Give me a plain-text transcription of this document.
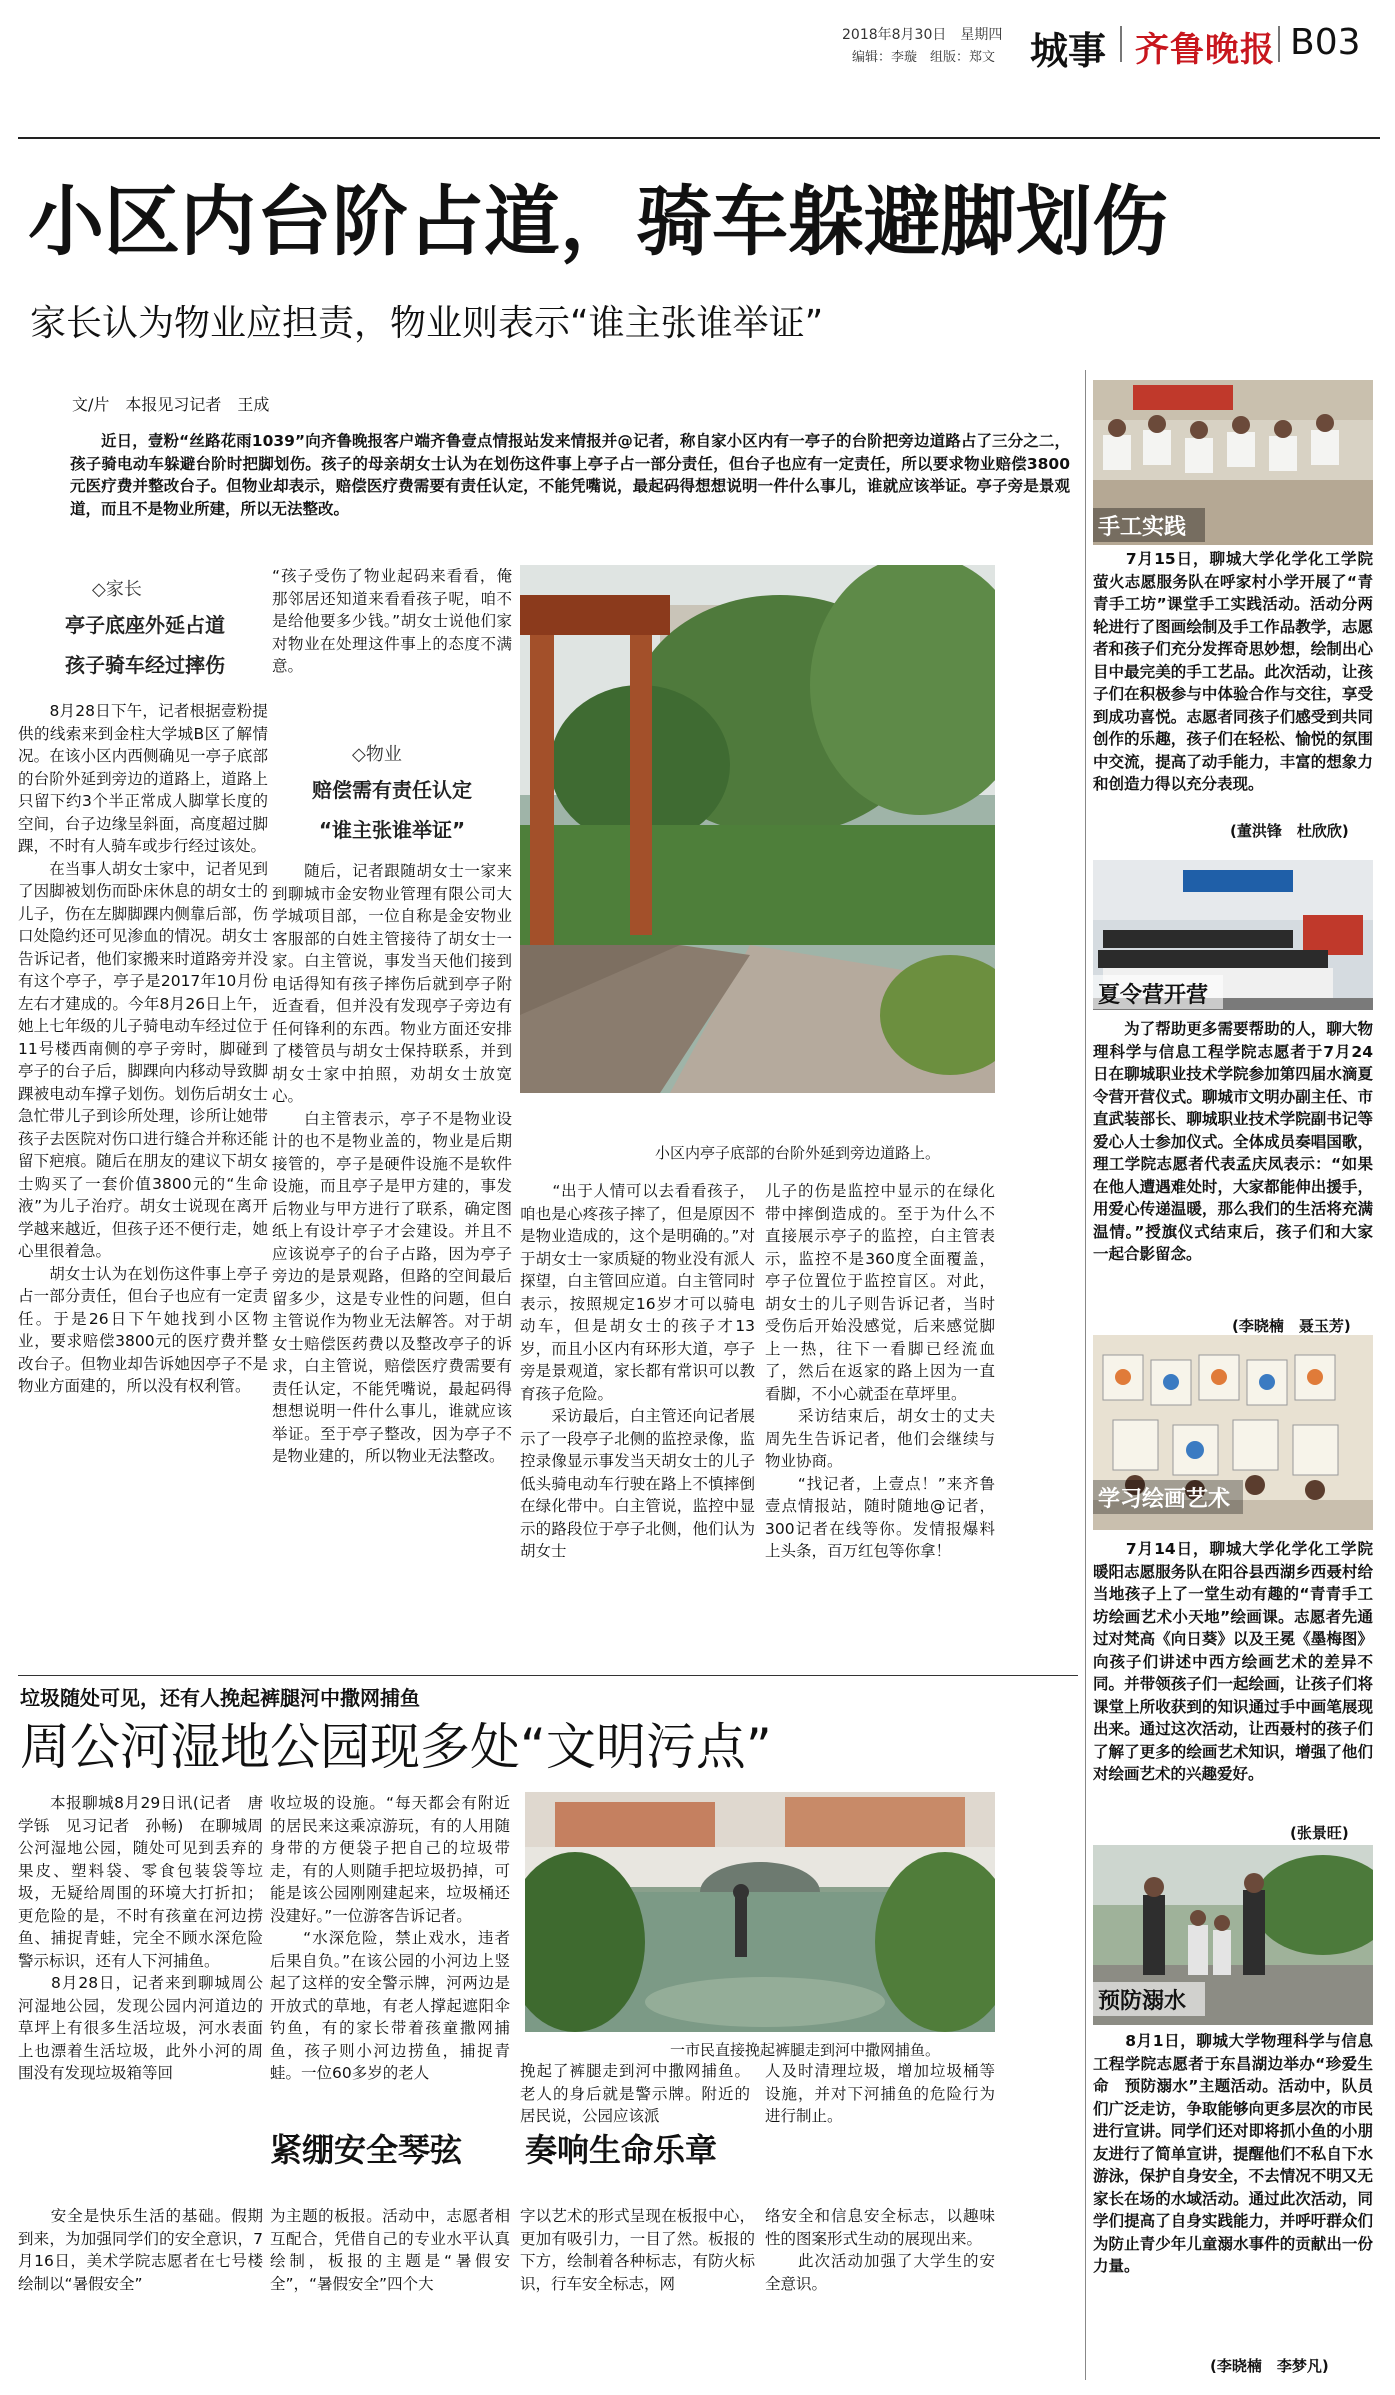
2018年8月30日　星期四
编辑：李璇　组版：郑文 城事 齐鲁晚报 B03
小区内台阶占道，骑车躲避脚划伤
家长认为物业应担责，物业则表示“谁主张谁举证”
文/片　本报见习记者　王成
近日，壹粉“丝路花雨1039”向齐鲁晚报客户端齐鲁壹点情报站发来情报并@记者，称自家小区内有一亭子的台阶把旁边道路占了三分之二，孩子骑电动车躲避台阶时把脚划伤。孩子的母亲胡女士认为在划伤这件事上亭子占一部分责任，但台子也应有一定责任，所以要求物业赔偿3800元医疗费并整改台子。但物业却表示，赔偿医疗费需要有责任认定，不能凭嘴说，最起码得想想说明一件什么事儿，谁就应该举证。亭子旁是景观道，而且不是物业所建，所以无法整改。
◇家长
亭子底座外延占道
孩子骑车经过摔伤
　　8月28日下午，记者根据壹粉提供的线索来到金柱大学城B区了解情况。在该小区内西侧确见一亭子底部的台阶外延到旁边的道路上，道路上只留下约3个半正常成人脚掌长度的空间，台子边缘呈斜面，高度超过脚踝，不时有人骑车或步行经过该处。
　　在当事人胡女士家中，记者见到了因脚被划伤而卧床休息的胡女士的儿子，伤在左脚脚踝内侧靠后部，伤口处隐约还可见渗血的情况。胡女士告诉记者，他们家搬来时道路旁并没有这个亭子，亭子是2017年10月份左右才建成的。今年8月26日上午，她上七年级的儿子骑电动车经过位于11号楼西南侧的亭子旁时，脚碰到亭子的台子后，脚踝向内移动导致脚踝被电动车撑子划伤。划伤后胡女士急忙带儿子到诊所处理，诊所让她带孩子去医院对伤口进行缝合并称还能留下疤痕。随后在朋友的建议下胡女士购买了一套价值3800元的“生命液”为儿子治疗。胡女士说现在离开学越来越近，但孩子还不便行走，她心里很着急。
　　胡女士认为在划伤这件事上亭子占一部分责任，但台子也应有一定责任。于是26日下午她找到小区物业，要求赔偿3800元的医疗费并整改台子。但物业却告诉她因亭子不是物业方面建的，所以没有权利管。
“孩子受伤了物业起码来看看，俺那邻居还知道来看看孩子呢，咱不是给他要多少钱。”胡女士说他们家对物业在处理这件事上的态度不满意。
◇物业
赔偿需有责任认定
“谁主张谁举证”
　　随后，记者跟随胡女士一家来到聊城市金安物业管理有限公司大学城项目部，一位自称是金安物业客服部的白姓主管接待了胡女士一家。白主管说，事发当天他们接到电话得知有孩子摔伤后就到亭子附近查看，但并没有发现亭子旁边有任何锋利的东西。物业方面还安排了楼管员与胡女士保持联系，并到胡女士家中拍照，劝胡女士放宽心。
　　白主管表示，亭子不是物业设计的也不是物业盖的，物业是后期接管的，亭子是硬件设施不是软件设施，而且亭子是甲方建的，事发后物业与甲方进行了联系，确定图纸上有设计亭子才会建设。并且不应该说亭子的台子占路，因为亭子旁边的是景观路，但路的空间最后留多少，这是专业性的问题，但白主管说作为物业无法解答。对于胡女士赔偿医药费以及整改亭子的诉求，白主管说，赔偿医疗费需要有责任认定，不能凭嘴说，最起码得想想说明一件什么事儿，谁就应该举证。至于亭子整改，因为亭子不是物业建的，所以物业无法整改。
小区内亭子底部的台阶外延到旁边道路上。
　　“出于人情可以去看看孩子，咱也是心疼孩子摔了，但是原因不是物业造成的，这个是明确的。”对于胡女士一家质疑的物业没有派人探望，白主管回应道。白主管同时表示，按照规定16岁才可以骑电动车，但是胡女士的孩子才13岁，而且小区内有环形大道，亭子旁是景观道，家长都有常识可以教育孩子危险。
　　采访最后，白主管还向记者展示了一段亭子北侧的监控录像，监控录像显示事发当天胡女士的儿子低头骑电动车行驶在路上不慎摔倒在绿化带中。白主管说，监控中显示的路段位于亭子北侧，他们认为胡女士
儿子的伤是监控中显示的在绿化带中摔倒造成的。至于为什么不直接展示亭子的监控，白主管表示，监控不是360度全面覆盖，亭子位置位于监控盲区。对此，胡女士的儿子则告诉记者，当时受伤后开始没感觉，后来感觉脚上一热，往下一看脚已经流血了，然后在返家的路上因为一直看脚，不小心就歪在草坪里。
　　采访结束后，胡女士的丈夫周先生告诉记者，他们会继续与物业协商。
　　“找记者，上壹点！”来齐鲁壹点情报站，随时随地@记者，300记者在线等你。发情报爆料上头条，百万红包等你拿！
垃圾随处可见，还有人挽起裤腿河中撒网捕鱼
周公河湿地公园现多处“文明污点”
　　本报聊城8月29日讯(记者　唐学铄　见习记者　孙畅)　在聊城周公河湿地公园，随处可见到丢弃的果皮、塑料袋、零食包装袋等垃圾，无疑给周围的环境大打折扣；更危险的是，不时有孩童在河边捞鱼、捕捉青蛙，完全不顾水深危险警示标识，还有人下河捕鱼。
　　8月28日，记者来到聊城周公河湿地公园，发现公园内河道边的草坪上有很多生活垃圾，河水表面上也漂着生活垃圾，此外小河的周围没有发现垃圾箱等回
收垃圾的设施。“每天都会有附近的居民来这乘凉游玩，有的人用随身带的方便袋子把自己的垃圾带走，有的人则随手把垃圾扔掉，可能是该公园刚刚建起来，垃圾桶还没建好。”一位游客告诉记者。
　　“水深危险，禁止戏水，违者后果自负。”在该公园的小河边上竖起了这样的安全警示牌，河两边是开放式的草地，有老人撑起遮阳伞钓鱼，有的家长带着孩童撒网捕鱼，孩子则小河边捞鱼，捕捉青蛙。一位60多岁的老人
一市民直接挽起裤腿走到河中撒网捕鱼。
挽起了裤腿走到河中撒网捕鱼。老人的身后就是警示牌。附近的居民说，公园应该派
人及时清理垃圾，增加垃圾桶等设施，并对下河捕鱼的危险行为进行制止。
紧绷安全琴弦 奏响生命乐章
　　安全是快乐生活的基础。假期到来，为加强同学们的安全意识，7月16日，美术学院志愿者在七号楼绘制以“暑假安全”
为主题的板报。活动中，志愿者相互配合，凭借自己的专业水平认真绘制，板报的主题是“暑假安全”，“暑假安全”四个大
字以艺术的形式呈现在板报中心，更加有吸引力，一目了然。板报的下方，绘制着各种标志，有防火标识，行车安全标志，网
络安全和信息安全标志，以趣味性的图案形式生动的展现出来。
　　此次活动加强了大学生的安全意识。
手工实践
　　7月15日，聊城大学化学化工学院萤火志愿服务队在呼家村小学开展了“青青手工坊”课堂手工实践活动。活动分两轮进行了图画绘制及手工作品教学，志愿者和孩子们充分发挥奇思妙想，绘制出心目中最完美的手工艺品。此次活动，让孩子们在积极参与中体验合作与交往，享受到成功喜悦。志愿者同孩子们感受到共同创作的乐趣，孩子们在轻松、愉悦的氛围中交流，提高了动手能力，丰富的想象力和创造力得以充分表现。
(董洪锋　杜欣欣)
夏令营开营
　　为了帮助更多需要帮助的人，聊大物理科学与信息工程学院志愿者于7月24日在聊城职业技术学院参加第四届水滴夏令营开营仪式。聊城市文明办副主任、市直武装部长、聊城职业技术学院副书记等爱心人士参加仪式。全体成员奏唱国歌，理工学院志愿者代表孟庆凤表示：“如果在他人遭遇难处时，大家都能伸出援手，用爱心传递温暖，那么我们的生活将充满温情。”授旗仪式结束后，孩子们和大家一起合影留念。
(李晓楠　聂玉芳)
学习绘画艺术
　　7月14日，聊城大学化学化工学院暖阳志愿服务队在阳谷县西湖乡西聂村给当地孩子上了一堂生动有趣的“青青手工坊绘画艺术小天地”绘画课。志愿者先通过对梵高《向日葵》以及王冕《墨梅图》向孩子们讲述中西方绘画艺术的差异不同。并带领孩子们一起绘画，让孩子们将课堂上所收获到的知识通过手中画笔展现出来。通过这次活动，让西聂村的孩子们了解了更多的绘画艺术知识，增强了他们对绘画艺术的兴趣爱好。
(张景旺)
预防溺水
　　8月1日，聊城大学物理科学与信息工程学院志愿者于东昌湖边举办“珍爱生命　预防溺水”主题活动。活动中，队员们广泛走访，争取能够向更多层次的市民进行宣讲。同学们还对即将抓小鱼的小朋友进行了简单宣讲，提醒他们不私自下水游泳，保护自身安全，不去情况不明又无家长在场的水域活动。通过此次活动，同学们提高了自身实践能力，并呼吁群众们为防止青少年儿童溺水事件的贡献出一份力量。
(李晓楠　李梦凡)
